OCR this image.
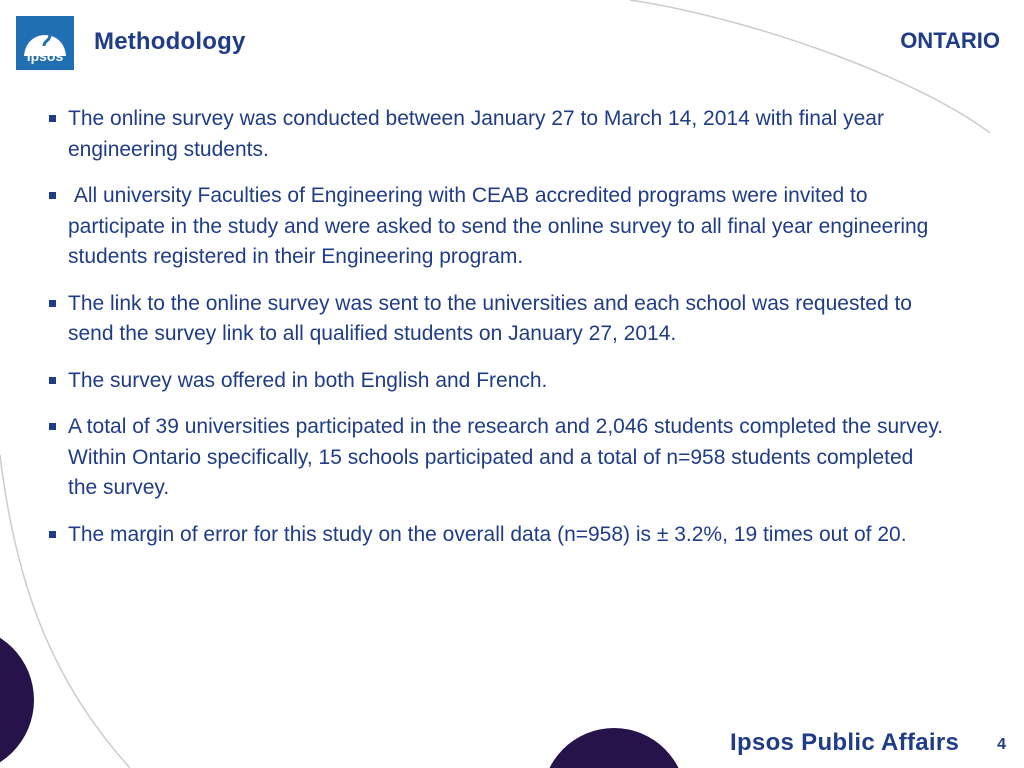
Ipsos
Methodology	ONTARIO
The online survey was conducted between January 27 to March 14, 2014 with final year engineering students.
All university Faculties of Engineering with CEAB accredited programs were invited to participate in the study and were asked to send the online survey to all final year engineering students registered in their Engineering program.
The link to the online survey was sent to the universities and each school was requested to send the survey link to all qualified students on January 27, 2014.
The survey was offered in both English and French.
A total of 39 universities participated in the research and 2,046 students completed the survey. Within Ontario specifically, 15 schools participated and a total of n=958 students completed the survey.
The margin of error for this study on the overall data (n=958) is ± 3.2%, 19 times out of 20.
Ipsos Public Affairs 4
